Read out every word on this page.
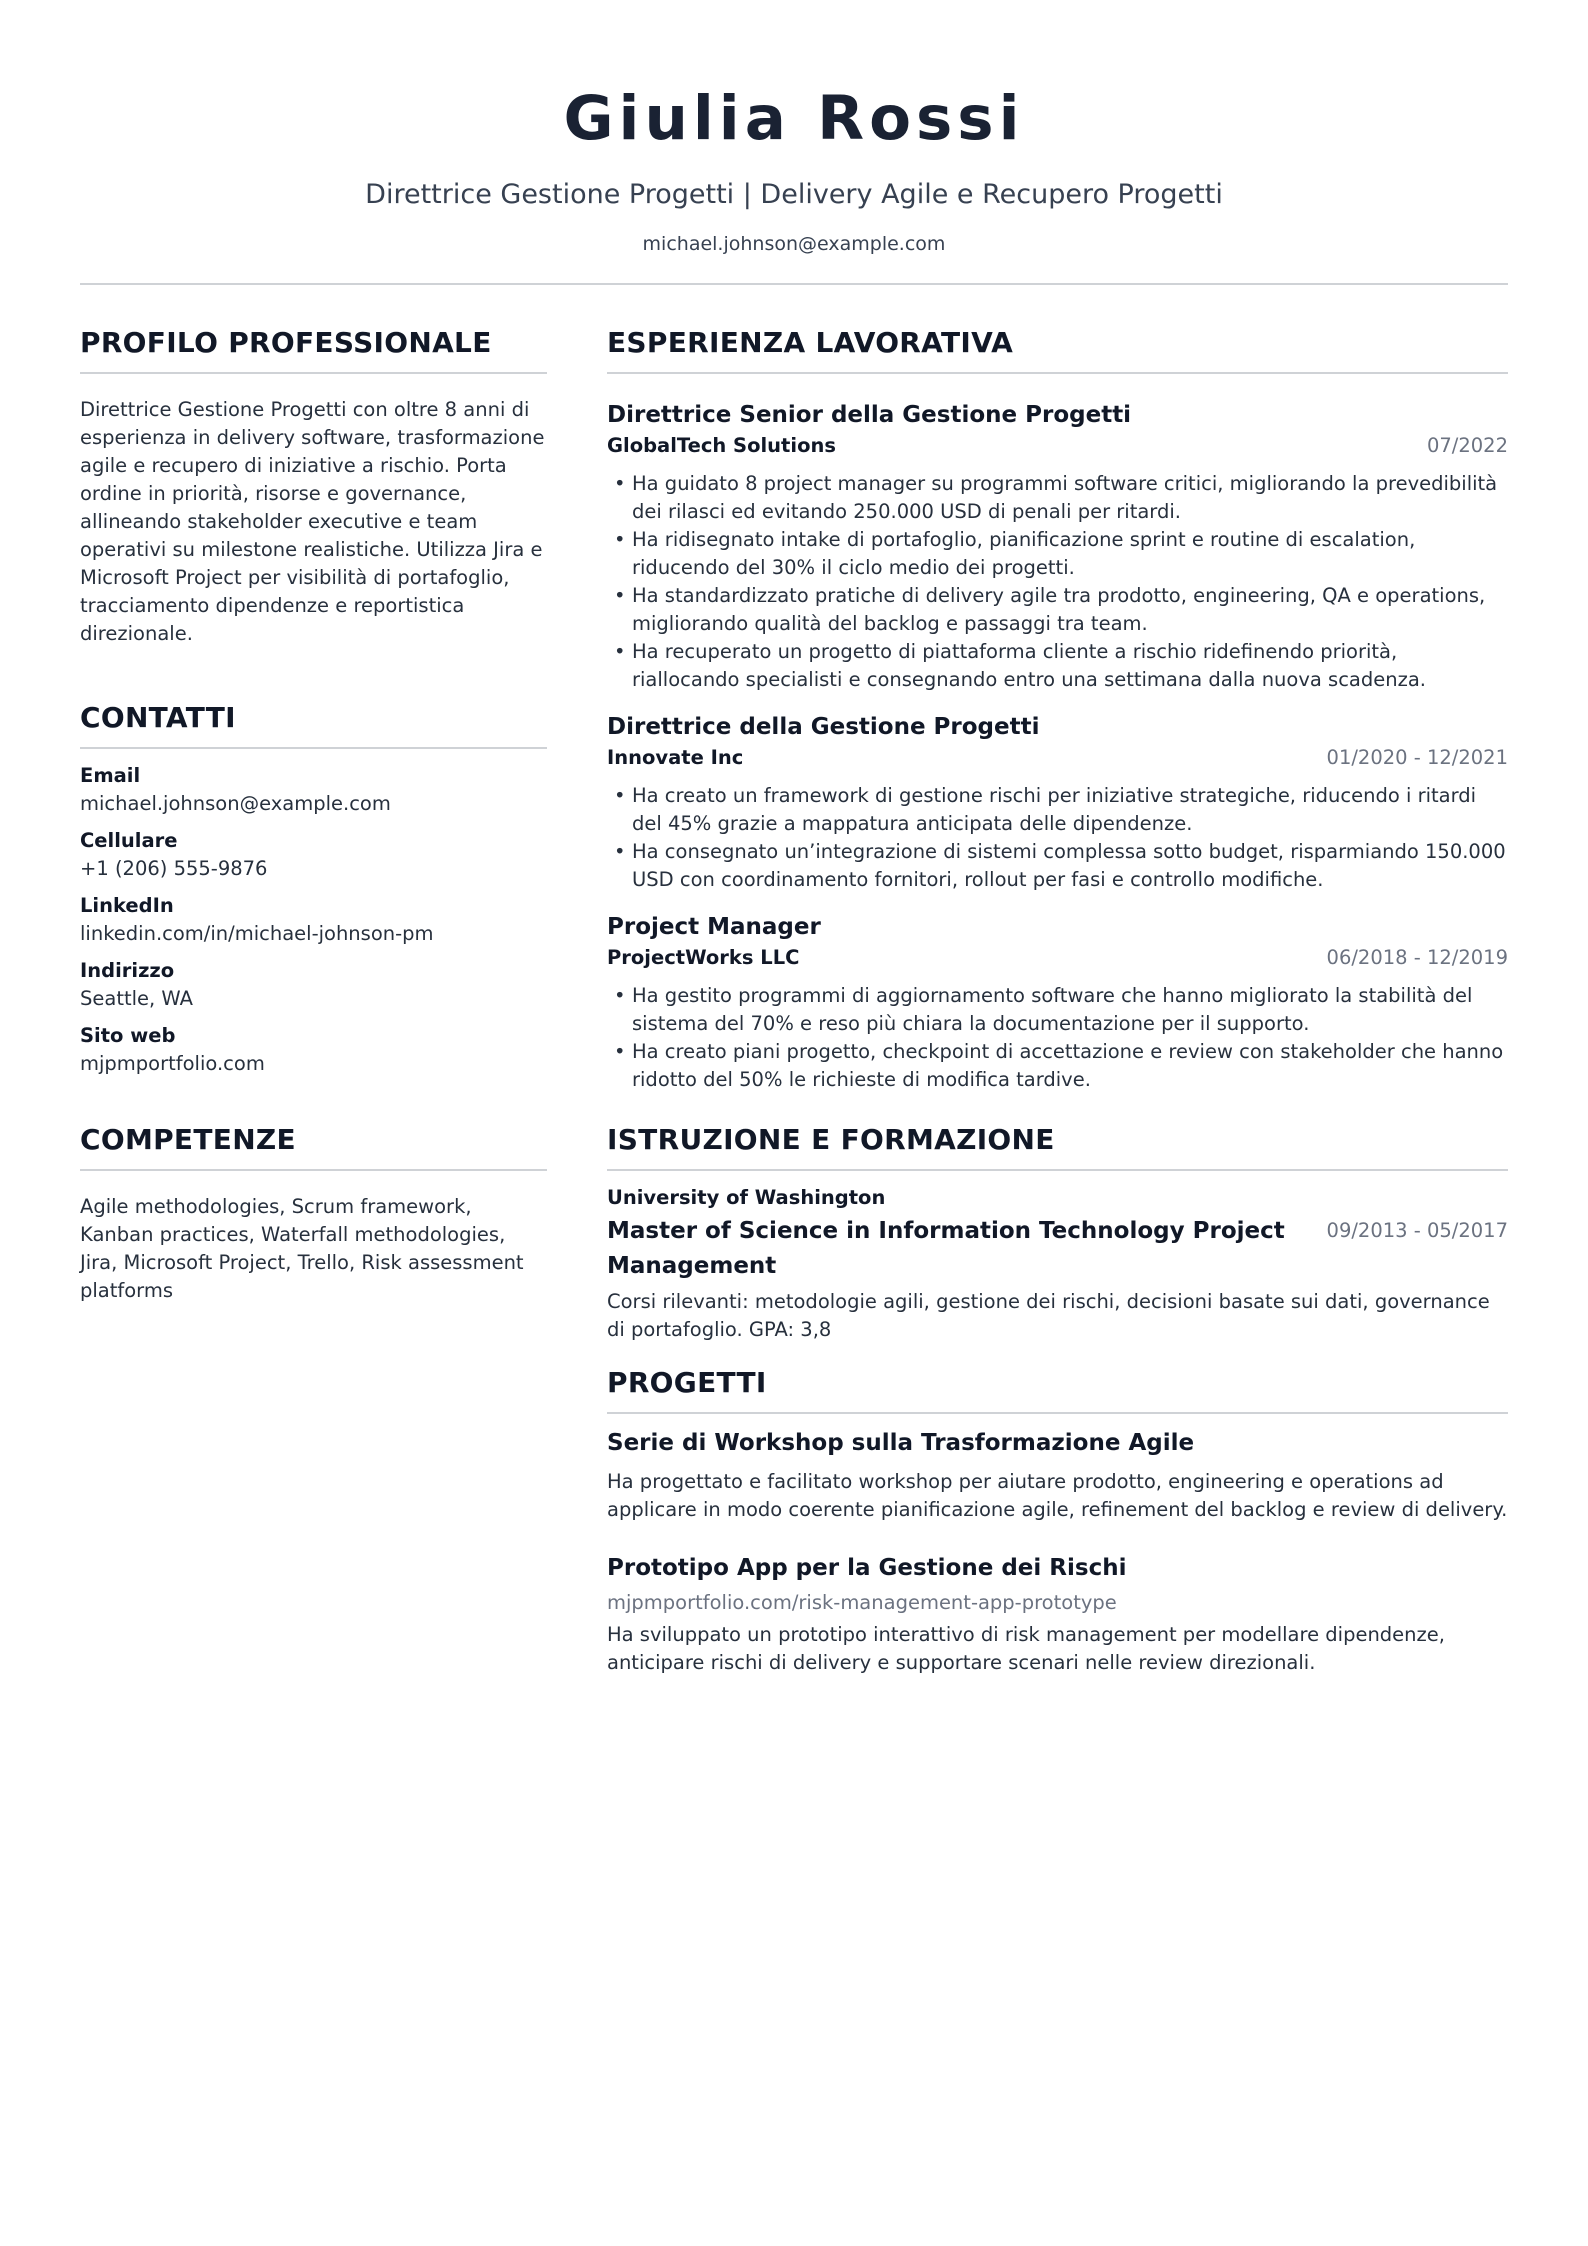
Giulia Rossi
Direttrice Gestione Progetti | Delivery Agile e Recupero Progetti
michael.johnson@example.com
PROFILO PROFESSIONALE

Direttrice Gestione Progetti con oltre 8 anni di esperienza in delivery software, trasformazione agile e recupero di iniziative a rischio. Porta ordine in priorità, risorse e governance, allineando stakeholder executive e team operativi su milestone realistiche. Utilizza Jira e Microsoft Project per visibilità di portafoglio, tracciamento dipendenze e reportistica direzionale.

CONTATTI
Email
michael.johnson@example.com
Cellulare
+1 (206) 555-9876
LinkedIn
linkedin.com/in/michael-johnson-pm
Indirizzo
Seattle, WA
Sito web
mjpmportfolio.com
COMPETENZE

Agile methodologies, Scrum framework, Kanban practices, Waterfall methodologies, Jira, Microsoft Project, Trello, Risk assessment platforms

ESPERIENZA LAVORATIVA
Direttrice Senior della Gestione Progetti
GlobalTech Solutions	07/2022
• Ha guidato 8 project manager su programmi software critici, migliorando la prevedibilità dei rilasci ed evitando 250.000 USD di penali per ritardi.
• Ha ridisegnato intake di portafoglio, pianificazione sprint e routine di escalation, riducendo del 30% il ciclo medio dei progetti.
• Ha standardizzato pratiche di delivery agile tra prodotto, engineering, QA e operations, migliorando qualità del backlog e passaggi tra team.
• Ha recuperato un progetto di piattaforma cliente a rischio ridefinendo priorità, riallocando specialisti e consegnando entro una settimana dalla nuova scadenza.
Direttrice della Gestione Progetti
Innovate Inc	01/2020 - 12/2021
• Ha creato un framework di gestione rischi per iniziative strategiche, riducendo i ritardi del 45% grazie a mappatura anticipata delle dipendenze.
• Ha consegnato un’integrazione di sistemi complessa sotto budget, risparmiando 150.000 USD con coordinamento fornitori, rollout per fasi e controllo modifiche.
Project Manager
ProjectWorks LLC	06/2018 - 12/2019
• Ha gestito programmi di aggiornamento software che hanno migliorato la stabilità del sistema del 70% e reso più chiara la documentazione per il supporto.
• Ha creato piani progetto, checkpoint di accettazione e review con stakeholder che hanno ridotto del 50% le richieste di modifica tardive.
ISTRUZIONE E FORMAZIONE
University of Washington
Master of Science in Information Technology Project Management
09/2013 - 05/2017

Corsi rilevanti: metodologie agili, gestione dei rischi, decisioni basate sui dati, governance di portafoglio. GPA: 3,8

PROGETTI
Serie di Workshop sulla Trasformazione Agile

Ha progettato e facilitato workshop per aiutare prodotto, engineering e operations ad applicare in modo coerente pianificazione agile, refinement del backlog e review di delivery.

Prototipo App per la Gestione dei Rischi
mjpmportfolio.com/risk-management-app-prototype

Ha sviluppato un prototipo interattivo di risk management per modellare dipendenze, anticipare rischi di delivery e supportare scenari nelle review direzionali.
